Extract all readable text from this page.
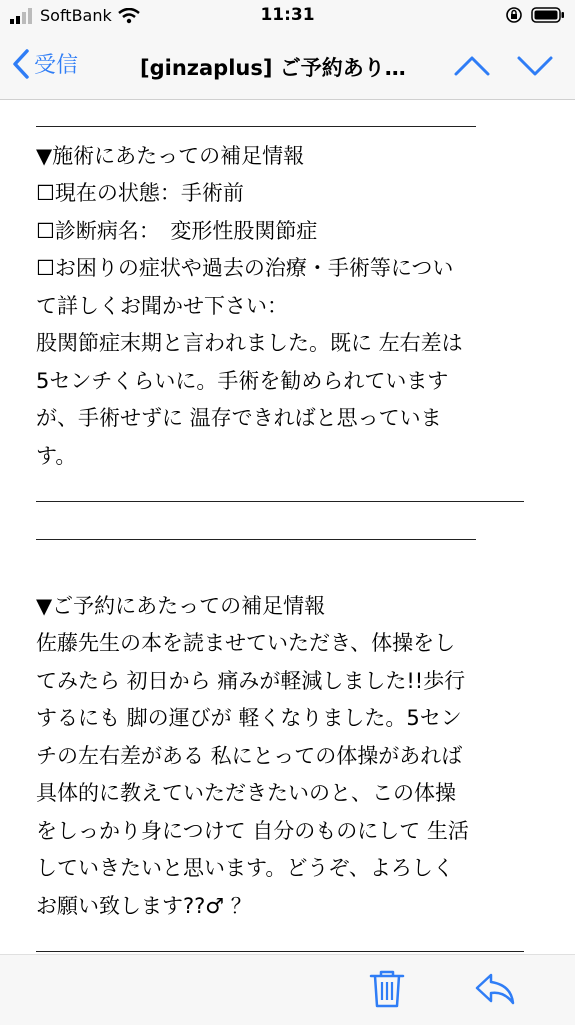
SoftBank	11:31
受信	[ginzaplus] ご予約あり…
▼施術にあたっての補足情報
☐現在の状態：手術前
☐診断病名：　変形性股関節症
☐お困りの症状や過去の治療・手術等につい
て詳しくお聞かせ下さい：
股関節症末期と言われました。既に 左右差は
5センチくらいに。手術を勧められています
が、手術せずに 温存できればと思っていま
す。
▼ご予約にあたっての補足情報
佐藤先生の本を読ませていただき、体操をし
てみたら 初日から 痛みが軽減しました!!歩行
するにも 脚の運びが 軽くなりました。5セン
チの左右差がある 私にとっての体操があれば
具体的に教えていただきたいのと、この体操
をしっかり身につけて 自分のものにして 生活
していきたいと思います。どうぞ、よろしく
お願い致します??♂ ？
